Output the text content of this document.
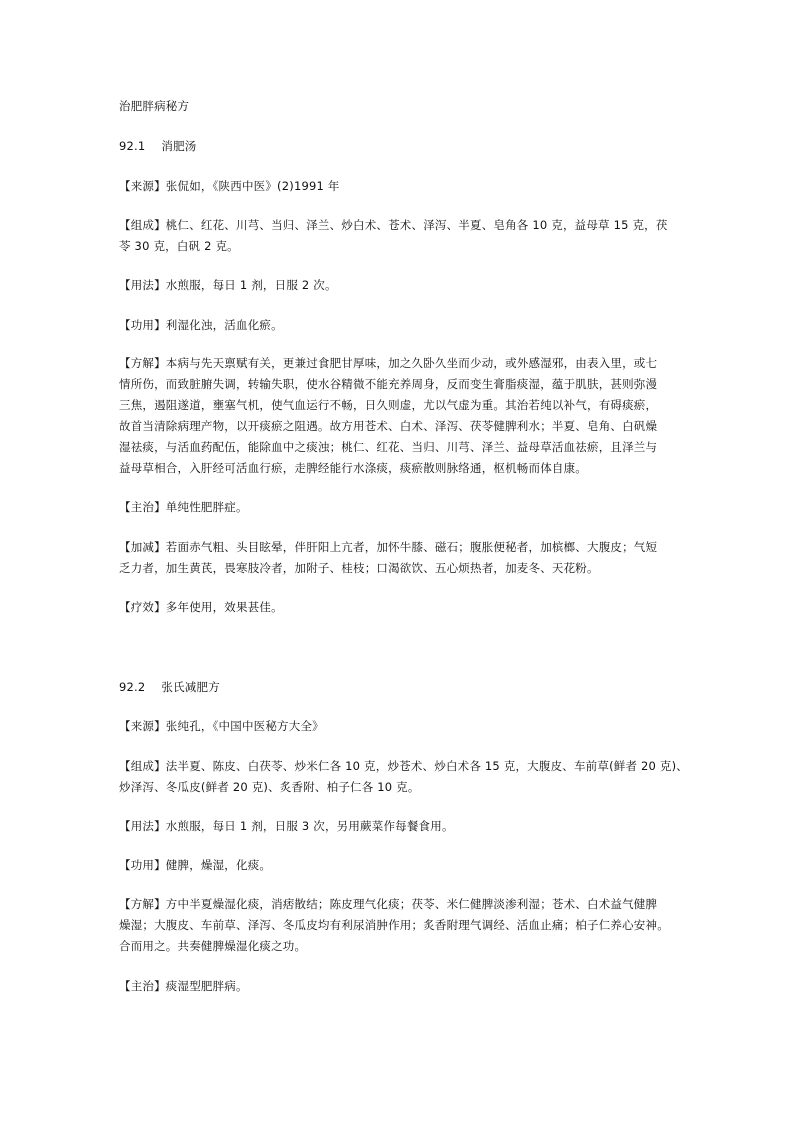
治肥胖病秘方
92.1 消肥汤
【来源】张侃如，《陕西中医》(2)1991 年
【组成】桃仁、红花、川芎、当归、泽兰、炒白术、苍术、泽泻、半夏、皂角各 10 克，益母草 15 克，茯
苓 30 克，白矾 2 克。
【用法】水煎服，每日 1 剂，日服 2 次。
【功用】利湿化浊，活血化瘀。
【方解】本病与先天禀赋有关，更兼过食肥甘厚味，加之久卧久坐而少动，或外感湿邪，由表入里，或七
情所伤，而致脏腑失调，转输失职，使水谷精微不能充养周身，反而变生膏脂痰湿，蕴于肌肤，甚则弥漫
三焦，遏阻遂道，壅塞气机，使气血运行不畅，日久则虚，尤以气虚为重。其治若纯以补气，有碍痰瘀，
故首当清除病理产物，以开痰瘀之阻遇。故方用苍术、白术、泽泻、茯苓健脾利水；半夏、皂角、白矾燥
湿祛痰，与活血药配伍，能除血中之痰浊；桃仁、红花、当归、川芎、泽兰、益母草活血祛瘀，且泽兰与
益母草相合，入肝经可活血行瘀，走脾经能行水涤痰，痰瘀散则脉络通，枢机畅而体自康。
【主治】单纯性肥胖症。
【加减】若面赤气粗、头目眩晕，伴肝阳上亢者，加怀牛膝、磁石；腹胀便秘者，加槟榔、大腹皮；气短
乏力者，加生黄芪，畏寒肢冷者，加附子、桂枝；口渴欲饮、五心烦热者，加麦冬、天花粉。
【疗效】多年使用，效果甚佳。
92.2 张氏减肥方
【来源】张纯孔，《中国中医秘方大全》
【组成】法半夏、陈皮、白茯苓、炒米仁各 10 克，炒苍术、炒白术各 15 克，大腹皮、车前草(鲜者 20 克)、
炒泽泻、冬瓜皮(鲜者 20 克)、炙香附、柏子仁各 10 克。
【用法】水煎服，每日 1 剂，日服 3 次，另用蕨菜作每餐食用。
【功用】健脾，燥湿，化痰。
【方解】方中半夏燥湿化痰，消痞散结；陈皮理气化痰；茯苓、米仁健脾淡渗利湿；苍术、白术益气健脾
燥湿；大腹皮、车前草、泽泻、冬瓜皮均有利尿消肿作用；炙香附理气调经、活血止痛；柏子仁养心安神。
合而用之。共奏健脾燥湿化痰之功。
【主治】痰湿型肥胖病。
